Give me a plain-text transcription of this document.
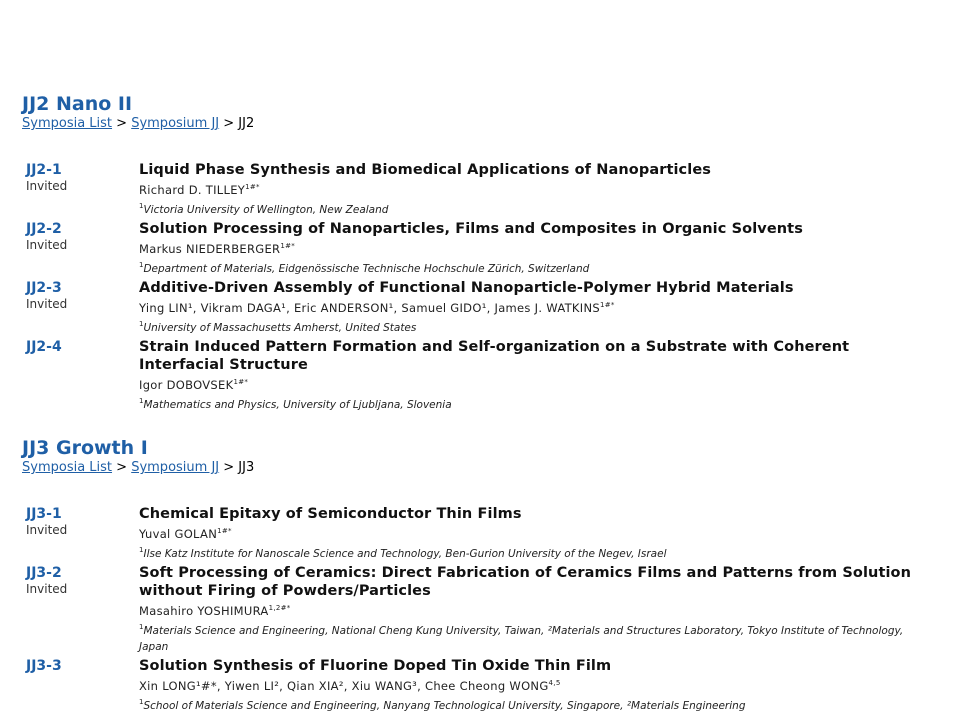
JJ2 Nano II
Symposia List > Symposium JJ > JJ2
JJ2-1
Invited
Liquid Phase Synthesis and Biomedical Applications of Nanoparticles
Richard D. $TILLEY^{1\#*}$
$^1$Victoria University of Wellington, New Zealand
JJ2-2
Invited
Solution Processing of Nanoparticles, Films and Composites in Organic Solvents
Markus $NIEDERBERGER^{1\#*}$
$^1$Department of Materials, Eidgenössische Technische Hochschule Zürich, Switzerland
JJ2-3
Invited
Additive-Driven Assembly of Functional Nanoparticle-Polymer Hybrid Materials
Ying LIN¹, Vikram DAGA¹, Eric ANDERSON¹, Samuel GIDO¹, James J. $WATKINS^{1\#*}$
$^1$University of Massachusetts Amherst, United States
JJ2-4	Strain Induced Pattern Formation and Self-organization on a Substrate with Coherent Interfacial Structure
Igor $DOBOVSEK^{1\#*}$
$^1$Mathematics and Physics, University of Ljubljana, Slovenia
JJ3 Growth I
Symposia List > Symposium JJ > JJ3
JJ3-1
Invited
Chemical Epitaxy of Semiconductor Thin Films
Yuval $GOLAN^{1\#*}$
$^1$Ilse Katz Institute for Nanoscale Science and Technology, Ben-Gurion University of the Negev, Israel
JJ3-2
Invited
Soft Processing of Ceramics: Direct Fabrication of Ceramics Films and Patterns from Solution without Firing of Powders/Particles
Masahiro $YOSHIMURA^{1,2\#*}$
$^1$Materials Science and Engineering, National Cheng Kung University, Taiwan, ²Materials and Structures Laboratory, Tokyo Institute of Technology, Japan
JJ3-3	Solution Synthesis of Fluorine Doped Tin Oxide Thin Film
Xin LONG¹#*, Yiwen LI², Qian XIA², Xiu WANG³, Chee Cheong WONG$^{4,5}$
$^1$School of Materials Science and Engineering, Nanyang Technological University, Singapore, ²Materials Engineering
